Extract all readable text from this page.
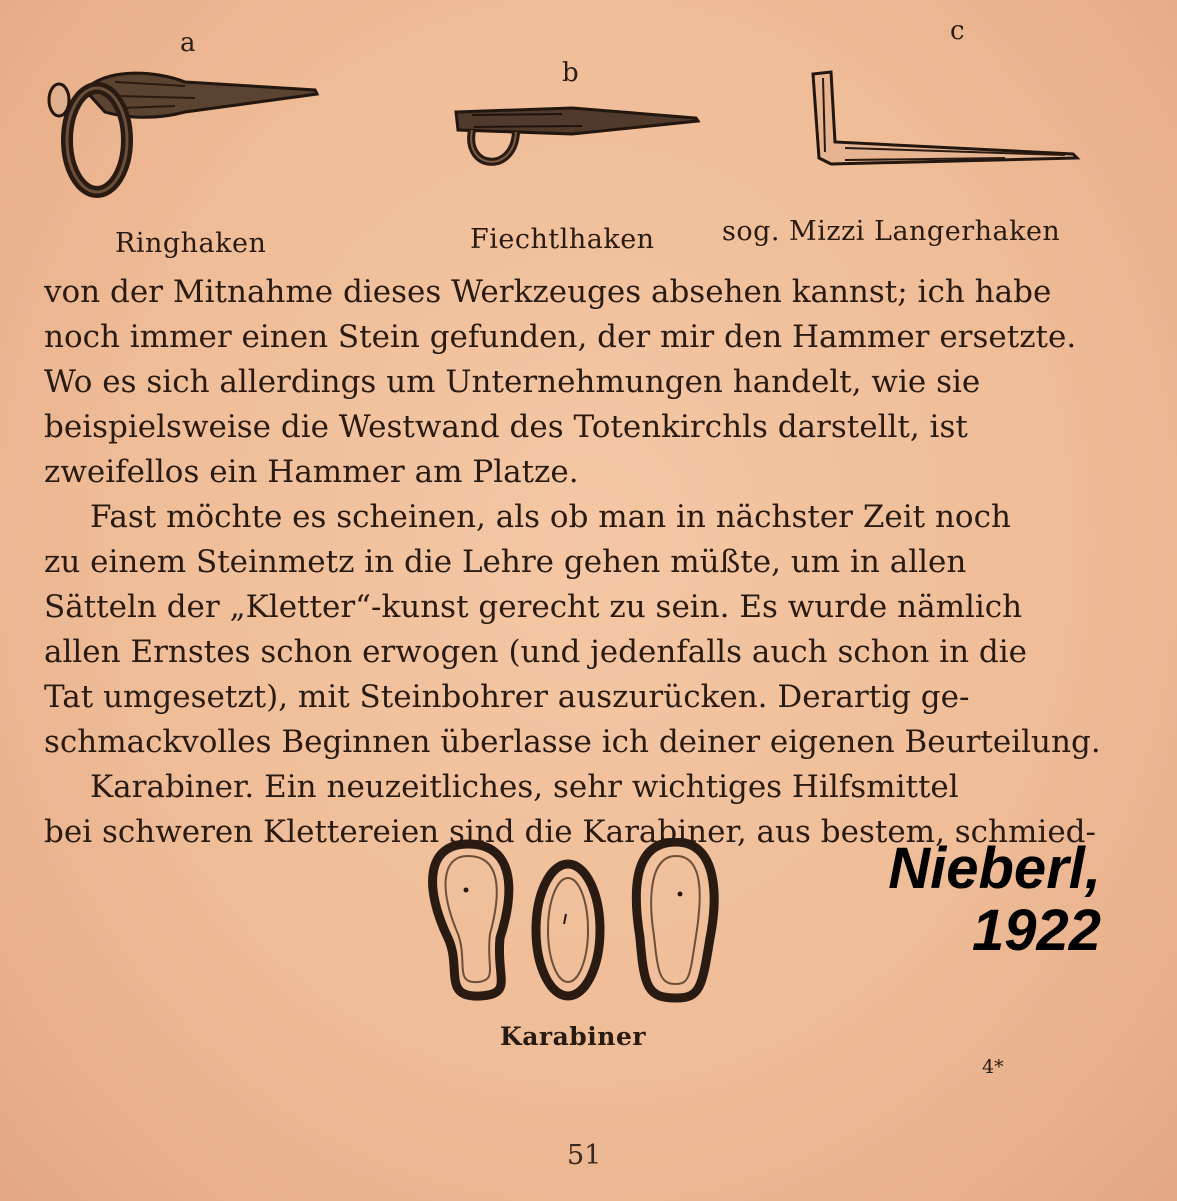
a
b
c
Ringhaken	Fiechtlhaken sog. Mizzi Langerhaken
von der Mitnahme dieses Werkzeuges absehen kannst; ich habe
noch immer einen Stein gefunden, der mir den Hammer ersetzte.
Wo es sich allerdings um Unternehmungen handelt, wie sie
beispielsweise die Westwand des Totenkirchls darstellt, ist
zweifellos ein Hammer am Platze.
Fast möchte es scheinen, als ob man in nächster Zeit noch
zu einem Steinmetz in die Lehre gehen müßte, um in allen
Sätteln der „Kletter“-kunst gerecht zu sein. Es wurde nämlich
allen Ernstes schon erwogen (und jedenfalls auch schon in die
Tat umgesetzt), mit Steinbohrer auszurücken. Derartig ge-
schmackvolles Beginnen überlasse ich deiner eigenen Beurteilung.
Karabiner. Ein neuzeitliches, sehr wichtiges Hilfsmittel
bei schweren Klettereien sind die Karabiner, aus bestem, schmied-
Karabiner
Nieberl,
1922
4*
51
